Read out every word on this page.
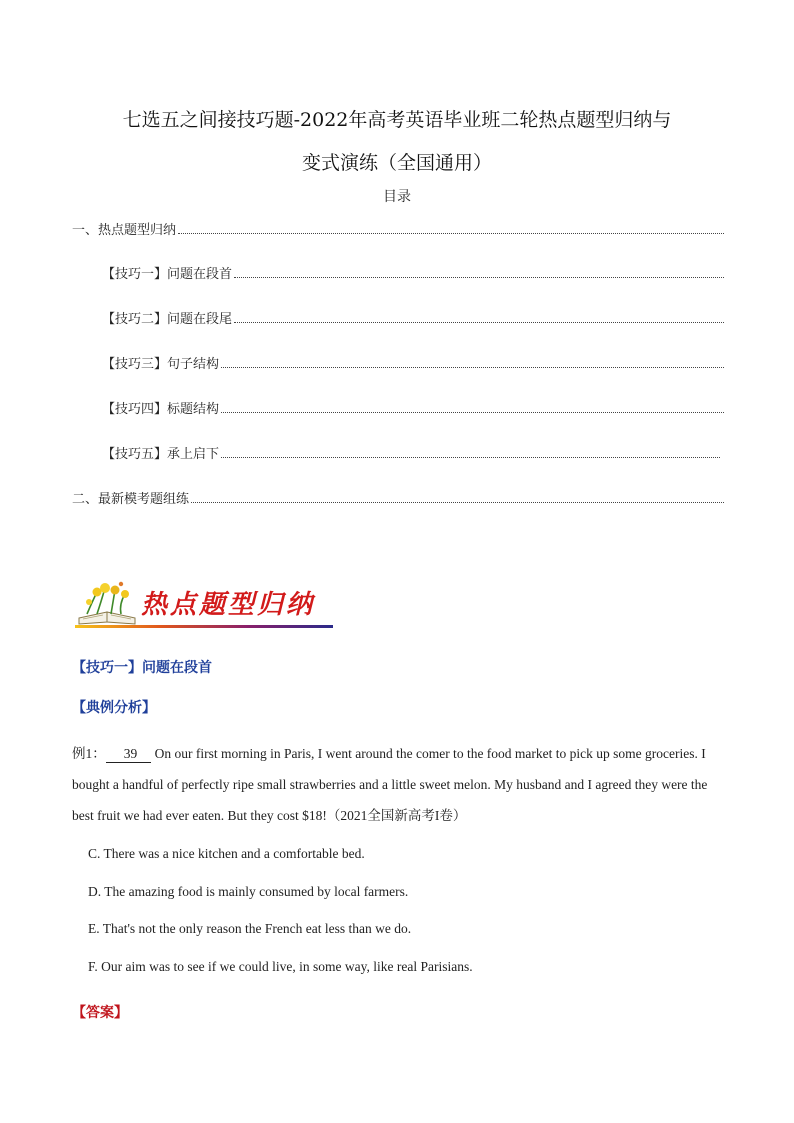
七选五之间接技巧题-2022年高考英语毕业班二轮热点题型归纳与
变式演练（全国通用）
目录
一、热点题型归纳
【技巧一】问题在段首
【技巧二】问题在段尾
【技巧三】句子结构
【技巧四】标题结构
【技巧五】承上启下
二、最新模考题组练
热点题型归纳
【技巧一】问题在段首
【典例分析】
例1： 39 On our first morning in Paris, I went around the comer to the food market to pick up some groceries. I bought a handful of perfectly ripe small strawberries and a little sweet melon. My husband and I agreed they were the best fruit we had ever eaten. But they cost $18!（2021全国新高考I卷）
C. There was a nice kitchen and a comfortable bed.
D. The amazing food is mainly consumed by local farmers.
E. That's not the only reason the French eat less than we do.
F. Our aim was to see if we could live, in some way, like real Parisians.
【答案】
